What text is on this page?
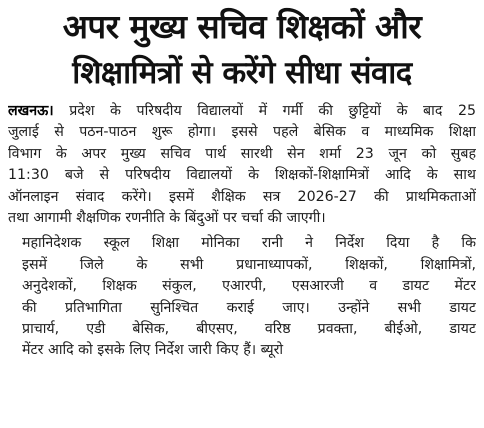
अपर मुख्य सचिव शिक्षकों और
शिक्षामित्रों से करेंगे सीधा संवाद

लखनऊ। प्रदेश के परिषदीय विद्यालयों में गर्मी की छुट्टियों के बाद 25
जुलाई से पठन-पाठन शुरू होगा। इससे पहले बेसिक व माध्यमिक शिक्षा
विभाग के अपर मुख्य सचिव पार्थ सारथी सेन शर्मा 23 जून को सुबह
11:30 बजे से परिषदीय विद्यालयों के शिक्षकों-शिक्षामित्रों आदि के साथ
ऑनलाइन संवाद करेंगे। इसमें शैक्षिक सत्र 2026-27 की प्राथमिकताओं
तथा आगामी शैक्षणिक रणनीति के बिंदुओं पर चर्चा की जाएगी।

महानिदेशक स्कूल शिक्षा मोनिका रानी ने निर्देश दिया है कि
इसमें जिले के सभी प्रधानाध्यापकों, शिक्षकों, शिक्षामित्रों,
अनुदेशकों, शिक्षक संकुल, एआरपी, एसआरजी व डायट मेंटर
की प्रतिभागिता सुनिश्चित कराई जाए। उन्होंने सभी डायट
प्राचार्य, एडी बेसिक, बीएसए, वरिष्ठ प्रवक्ता, बीईओ, डायट
मेंटर आदि को इसके लिए निर्देश जारी किए हैं। ब्यूरो
